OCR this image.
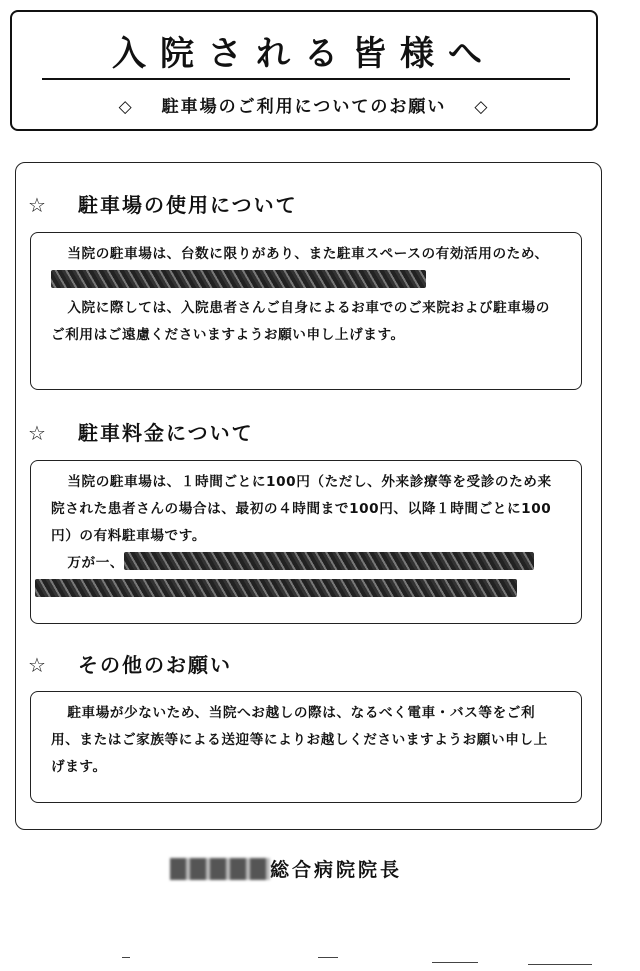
入院される皆様へ
◇ 駐車場のご利用についてのお願い ◇
☆ 駐車場の使用について

当院の駐車場は、台数に限りがあり、また駐車スペースの有効活用のため、

入院に際しては、入院患者さんご自身によるお車でのご来院および駐車場のご利用はご遠慮くださいますようお願い申し上げます。

☆ 駐車料金について

当院の駐車場は、１時間ごとに100円（ただし、外来診療等を受診のため来院された患者さんの場合は、最初の４時間まで100円、以降１時間ごとに100円）の有料駐車場です。

万が一、

☆ その他のお願い

駐車場が少ないため、当院へお越しの際は、なるべく電車・バス等をご利用、またはご家族等による送迎等によりお越しくださいますようお願い申し上げます。

総合病院院長
